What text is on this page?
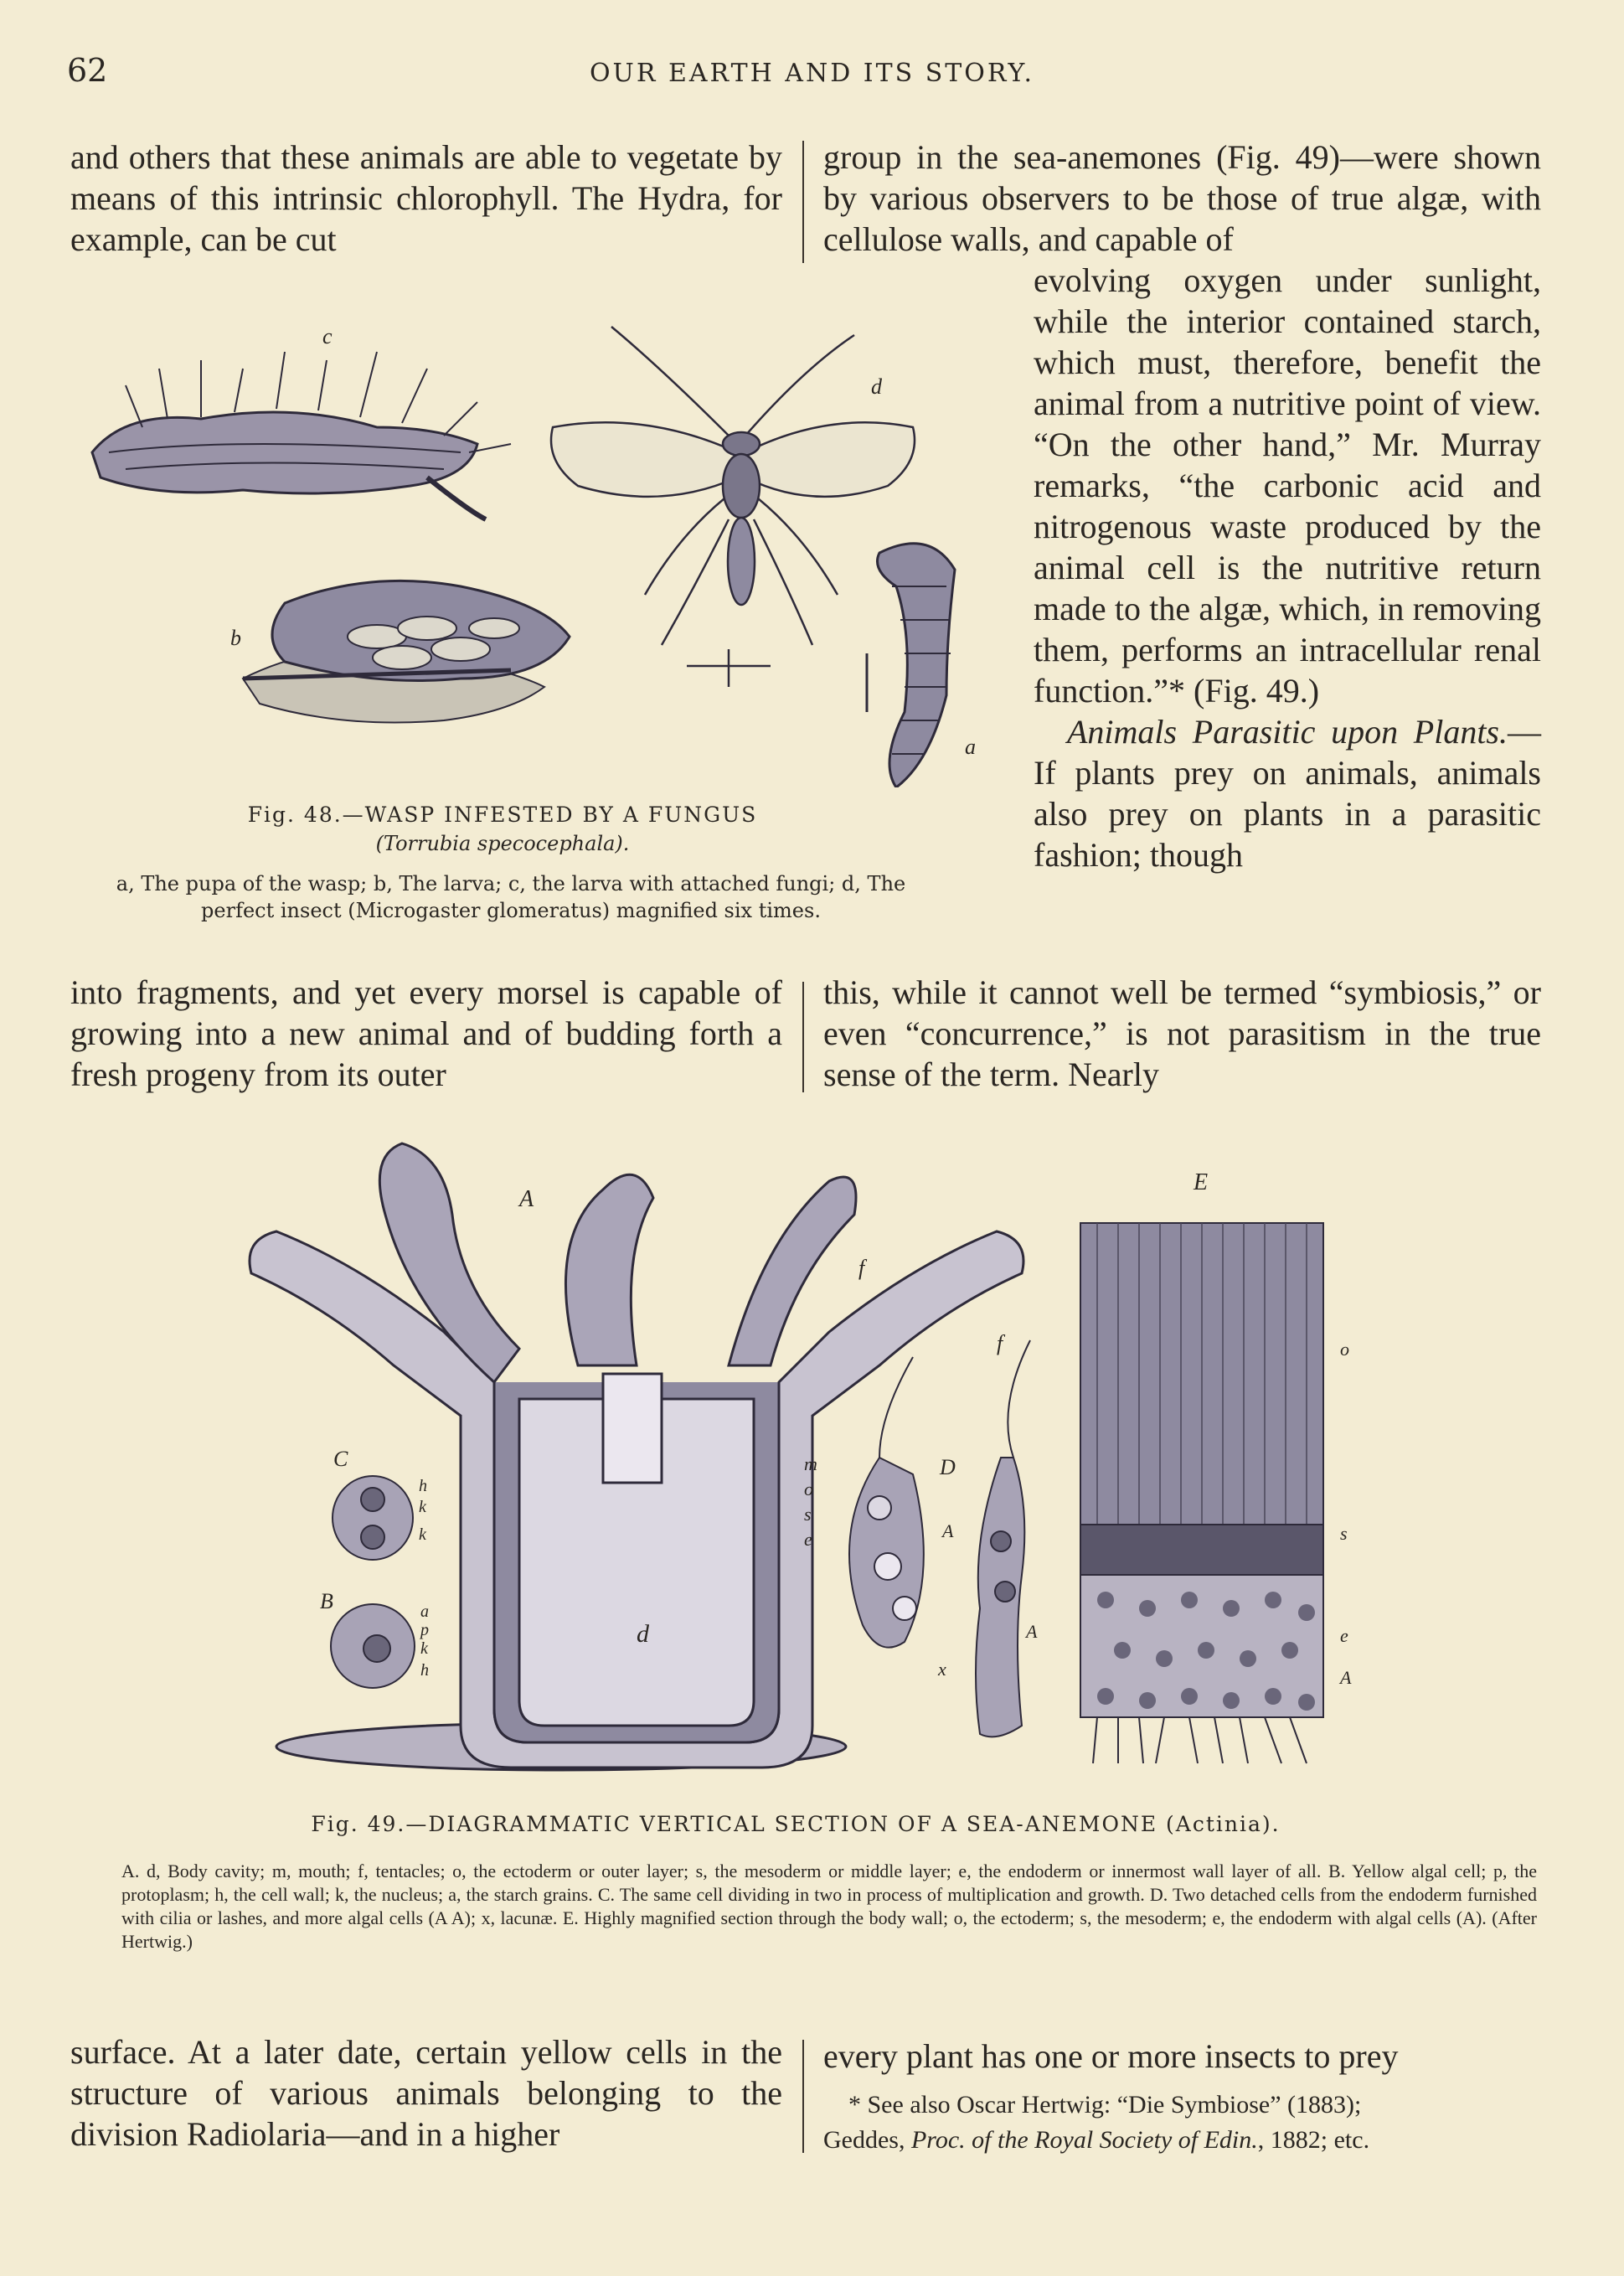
62	OUR EARTH AND ITS STORY.

and others that these animals are able to vegetate by means of this intrinsic chlorophyll. The Hydra, for example, can be cut

group in the sea-anemones (Fig. 49)—were shown by various observers to be those of true algæ, with cellulose walls, and capable of

evolving oxygen under sunlight, while the interior contained starch, which must, therefore, benefit the animal from a nutritive point of view. “On the other hand,” Mr. Murray remarks, “the carbonic acid and nitrogenous waste produced by the animal cell is the nutritive return made to the algæ, which, in removing them, performs an intracellular renal function.”* (Fig. 49.)

Animals Parasitic upon Plants.—If plants prey on animals, animals also prey on plants in a parasitic fashion; though

c
b
d
a
Fig. 48.—WASP INFESTED BY A FUNGUS
(Torrubia specocephala).
a, The pupa of the wasp; b, The larva; c, the larva with attached fungi; d, The
perfect insect (Microgaster glomeratus) magnified six times.

into fragments, and yet every morsel is capable of growing into a new animal and of budding forth a fresh progeny from its outer

this, while it cannot well be termed “symbiosis,” or even “concurrence,” is not parasitism in the true sense of the term. Nearly

A
f
f
m
o
s
e
d
C
h
k
k
B	a
p
k
h
D
A
A
x
E
o
s
e
A
Fig. 49.—DIAGRAMMATIC VERTICAL SECTION OF A SEA-ANEMONE (Actinia).
A. d, Body cavity; m, mouth; f, tentacles; o, the ectoderm or outer layer; s, the mesoderm or middle layer; e, the endoderm or innermost wall layer of all. B. Yellow algal cell; p, the protoplasm; h, the cell wall; k, the nucleus; a, the starch grains. C. The same cell dividing in two in process of multiplication and growth. D. Two detached cells from the endoderm furnished with cilia or lashes, and more algal cells (A A); x, lacunæ. E. Highly magnified section through the body wall; o, the ectoderm; s, the mesoderm; e, the endoderm with algal cells (A). (After Hertwig.)

surface. At a later date, certain yellow cells in the structure of various animals belonging to the division Radiolaria—and in a higher

every plant has one or more insects to prey

* See also Oscar Hertwig: “Die Symbiose” (1883);
Geddes, Proc. of the Royal Society of Edin., 1882; etc.
